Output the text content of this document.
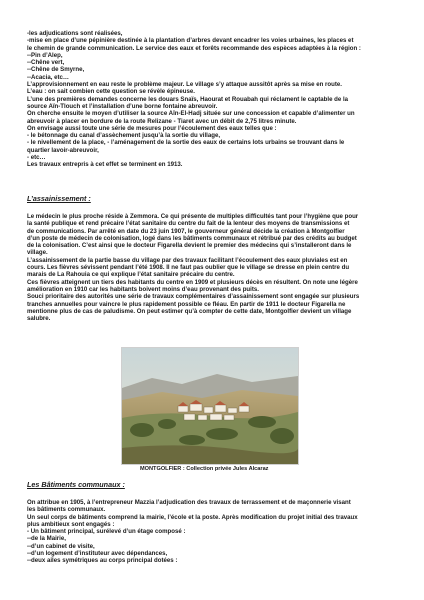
-les adjudications sont réalisées,
-mise en place d’une pépinière destinée à la plantation d’arbres devant encadrer les voies urbaines, les places et
le chemin de grande communication. Le service des eaux et forêts recommande des espèces adaptées à la région :
--Pin d’Alep,
--Chêne vert,
--Chêne de Smyrne,
--Acacia, etc…
L’approvisionnement en eau reste le problème majeur. Le village s’y attaque aussitôt après sa mise en route.
L’eau : on sait combien cette question se révèle épineuse.
L’une des premières demandes concerne les douars Snaïs, Haourat et Rouabah qui réclament le captable de la
source Aïn-Tlouch et l’installation d’une borne fontaine abreuvoir.
On cherche ensuite le moyen d’utiliser la source Aïn-El-Hadj située sur une concession et capable d’alimenter un
abreuvoir à placer en bordure de la route Relizane - Tiaret avec un débit de 2,75 litres minute.
On envisage aussi toute une série de mesures pour l’écoulement des eaux telles que :
- le bétonnage du canal d’assèchement jusqu’à la sortie du village,
- le nivellement de la place, - l’aménagement de la sortie des eaux de certains lots urbains se trouvant dans le
quartier lavoir-abreuvoir,
- etc…
Les travaux entrepris à cet effet se terminent en 1913.
L’assainissement :
Le médecin le plus proche réside à Zemmora. Ce qui présente de multiples difficultés tant pour l’hygiène que pour
la santé publique et rend précaire l’état sanitaire du centre du fait de la lenteur des moyens de transmissions et
de communications. Par arrêté en date du 23 juin 1907, le gouverneur général décide la création à Montgolfier
d’un poste de médecin de colonisation, logé dans les bâtiments communaux et rétribué par des crédits au budget
de la colonisation. C’est ainsi que le docteur Figarella devient le premier des médecins qui s’installeront dans le
village.
L’assainissement de la partie basse du village par des travaux facilitant l’écoulement des eaux pluviales est en
cours. Les fièvres sévissent pendant l’été 1908. Il ne faut pas oublier que le village se dresse en plein centre du
marais de La Rahouia ce qui explique l’état sanitaire précaire du centre.
Ces fièvres atteignent un tiers des habitants du centre en 1909 et plusieurs décès en résultent. On note une légère
amélioration en 1910 car les habitants boivent moins d’eau provenant des puits.
Souci prioritaire des autorités une série de travaux complémentaires d’assainissement sont engagée sur plusieurs
tranches annuelles pour vaincre le plus rapidement possible ce fléau. En partir de 1911 le docteur Figarella ne
mentionne plus de cas de paludisme. On peut estimer qu’à compter de cette date, Montgolfier devient un village
salubre.
MONTGOLFIER : Collection privée Jules Alcaraz
Les Bâtiments communaux :
On attribue en 1905, à l’entrepreneur Mazzia l’adjudication des travaux de terrassement et de maçonnerie visant
les bâtiments communaux.
Un seul corps de bâtiments comprend la mairie, l’école et la poste. Après modification du projet initial des travaux
plus ambitieux sont engagés :
- Un bâtiment principal, surélevé d’un étage composé :
--de la Mairie,
--d’un cabinet de visite,
--d’un logement d’instituteur avec dépendances,
--deux ailes symétriques au corps principal dotées :
